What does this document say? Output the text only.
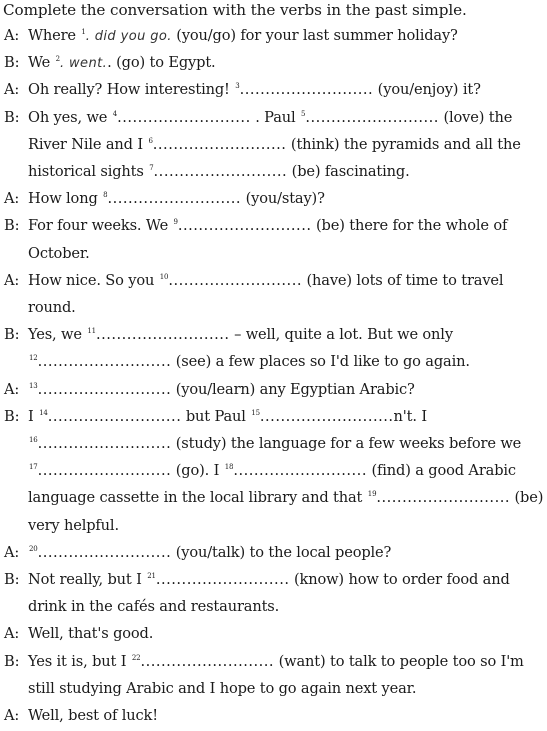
Complete the conversation with the verbs in the past simple.
A: Where $^1$. did you go. (you/go) for your last summer holiday?
B: We $^2$. went.. (go) to Egypt.
A: Oh really? How interesting! $^3$.......................... (you/enjoy) it?
B: Oh yes, we $^4$.......................... . Paul $^5$.......................... (love) the
River Nile and I $^6$.......................... (think) the pyramids and all the
historical sights $^7$.......................... (be) fascinating.
A: How long $^8$.......................... (you/stay)?
B: For four weeks. We $^9$.......................... (be) there for the whole of
October.
A: How nice. So you $^{10}$.......................... (have) lots of time to travel
round.
B: Yes, we $^{11}$.......................... – well, quite a lot. But we only
$^{12}$.......................... (see) a few places so I'd like to go again.
A:	$^{13}$.......................... (you/learn) any Egyptian Arabic?
B: I $^{14}$.......................... but Paul $^{15}$..........................n't. I
$^{16}$.......................... (study) the language for a few weeks before we
$^{17}$.......................... (go). I $^{18}$.......................... (find) a good Arabic
language cassette in the local library and that $^{19}$.......................... (be)
very helpful.
A:	$^{20}$.......................... (you/talk) to the local people?
B: Not really, but I $^{21}$.......................... (know) how to order food and
drink in the cafés and restaurants.
A: Well, that's good.
B: Yes it is, but I $^{22}$.......................... (want) to talk to people too so I'm
still studying Arabic and I hope to go again next year.
A: Well, best of luck!
